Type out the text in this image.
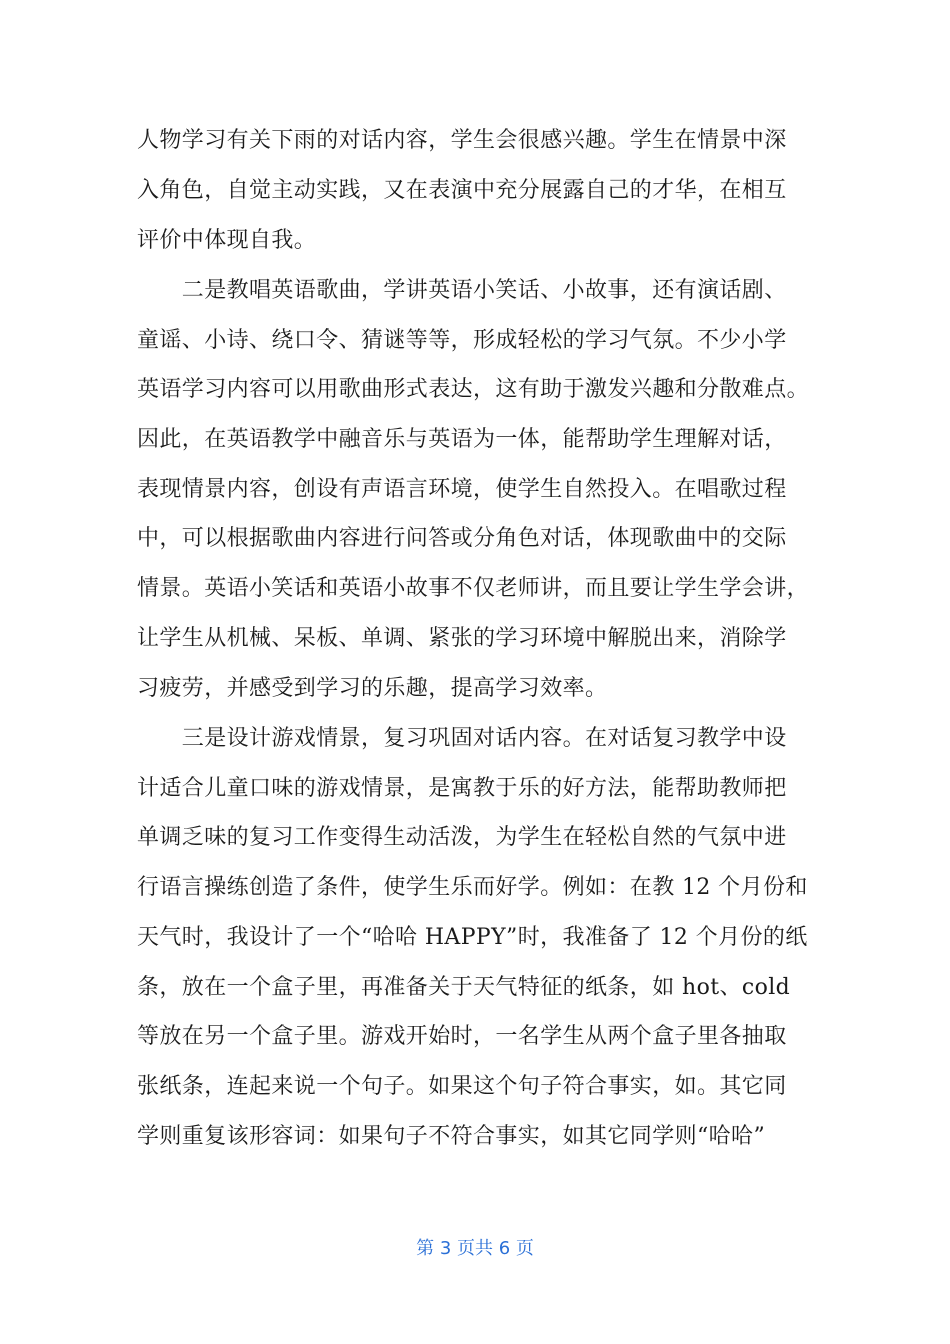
人物学习有关下雨的对话内容，学生会很感兴趣。学生在情景中深
入角色，自觉主动实践，又在表演中充分展露自己的才华，在相互
评价中体现自我。
　　二是教唱英语歌曲，学讲英语小笑话、小故事，还有演话剧、
童谣、小诗、绕口令、猜谜等等，形成轻松的学习气氛。不少小学
英语学习内容可以用歌曲形式表达，这有助于激发兴趣和分散难点。
因此，在英语教学中融音乐与英语为一体，能帮助学生理解对话，
表现情景内容，创设有声语言环境，使学生自然投入。在唱歌过程
中，可以根据歌曲内容进行问答或分角色对话，体现歌曲中的交际
情景。英语小笑话和英语小故事不仅老师讲，而且要让学生学会讲，
让学生从机械、呆板、单调、紧张的学习环境中解脱出来，消除学
习疲劳，并感受到学习的乐趣，提高学习效率。
　　三是设计游戏情景，复习巩固对话内容。在对话复习教学中设
计适合儿童口味的游戏情景，是寓教于乐的好方法，能帮助教师把
单调乏味的复习工作变得生动活泼，为学生在轻松自然的气氛中进
行语言操练创造了条件，使学生乐而好学。例如：在教 12 个月份和
天气时，我设计了一个“哈哈 HAPPY”时，我准备了 12 个月份的纸
条，放在一个盒子里，再准备关于天气特征的纸条，如 hot、cold
等放在另一个盒子里。游戏开始时，一名学生从两个盒子里各抽取
张纸条，连起来说一个句子。如果这个句子符合事实，如。其它同
学则重复该形容词：如果句子不符合事实，如其它同学则“哈哈”
第 3 页共 6 页
